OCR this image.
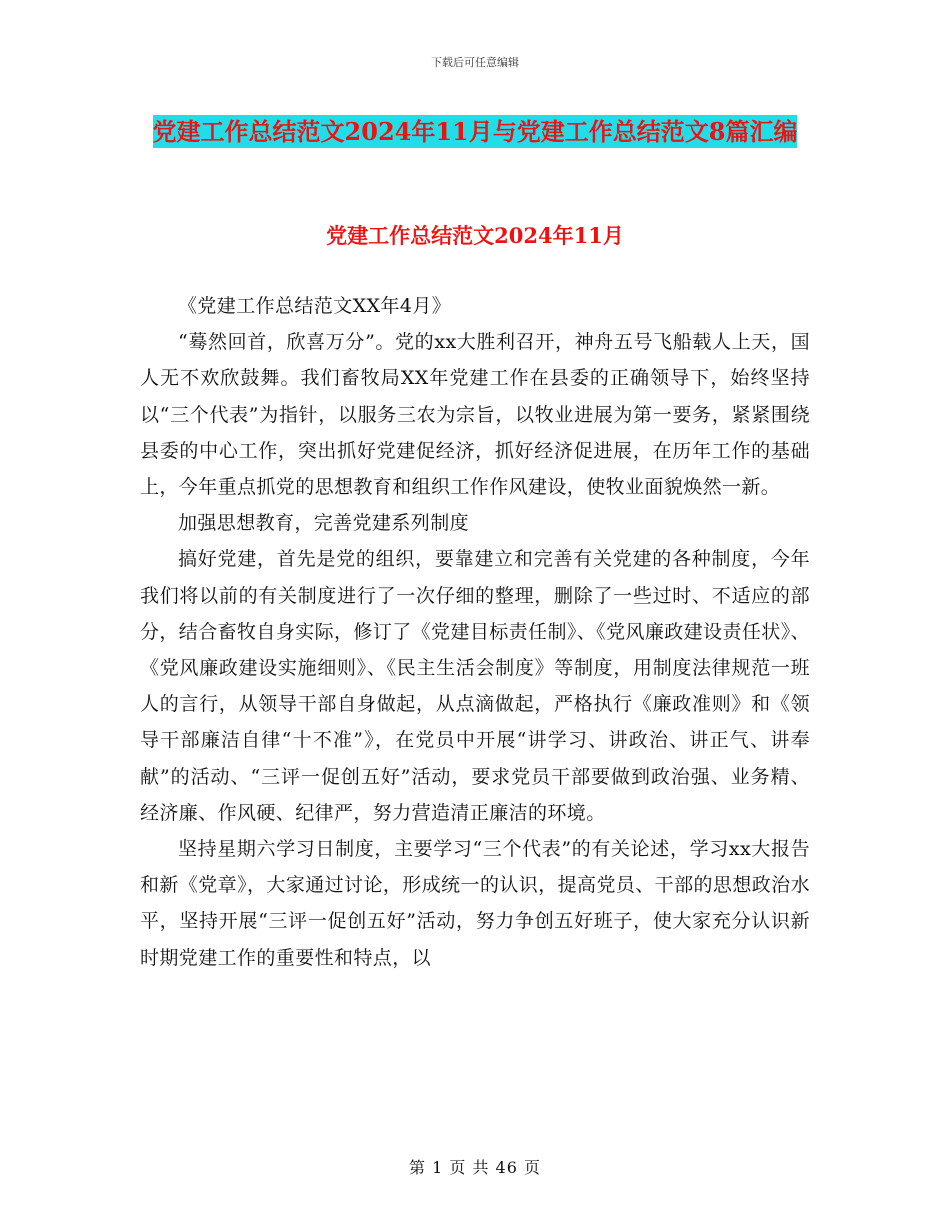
下载后可任意编辑
党建工作总结范文2024年11月与党建工作总结范文8篇汇编
党建工作总结范文2024年11月

《党建工作总结范文XX年4月》

“蓦然回首，欣喜万分”。党的xx大胜利召开，神舟五号飞船载人上天，国人无不欢欣鼓舞。我们畜牧局XX年党建工作在县委的正确领导下，始终坚持以“三个代表”为指针，以服务三农为宗旨，以牧业进展为第一要务，紧紧围绕县委的中心工作，突出抓好党建促经济，抓好经济促进展，在历年工作的基础上，今年重点抓党的思想教育和组织工作作风建设，使牧业面貌焕然一新。

加强思想教育，完善党建系列制度

搞好党建，首先是党的组织，要靠建立和完善有关党建的各种制度，今年我们将以前的有关制度进行了一次仔细的整理，删除了一些过时、不适应的部分，结合畜牧自身实际，修订了《党建目标责任制》、《党风廉政建设责任状》、《党风廉政建设实施细则》、《民主生活会制度》等制度，用制度法律规范一班人的言行，从领导干部自身做起，从点滴做起，严格执行《廉政准则》和《领导干部廉洁自律“十不准”》，在党员中开展“讲学习、讲政治、讲正气、讲奉献”的活动、“三评一促创五好”活动，要求党员干部要做到政治强、业务精、经济廉、作风硬、纪律严，努力营造清正廉洁的环境。

坚持星期六学习日制度，主要学习“三个代表”的有关论述，学习xx大报告和新《党章》，大家通过讨论，形成统一的认识，提高党员、干部的思想政治水平，坚持开展“三评一促创五好”活动，努力争创五好班子，使大家充分认识新时期党建工作的重要性和特点，以

第 1 页 共 46 页
